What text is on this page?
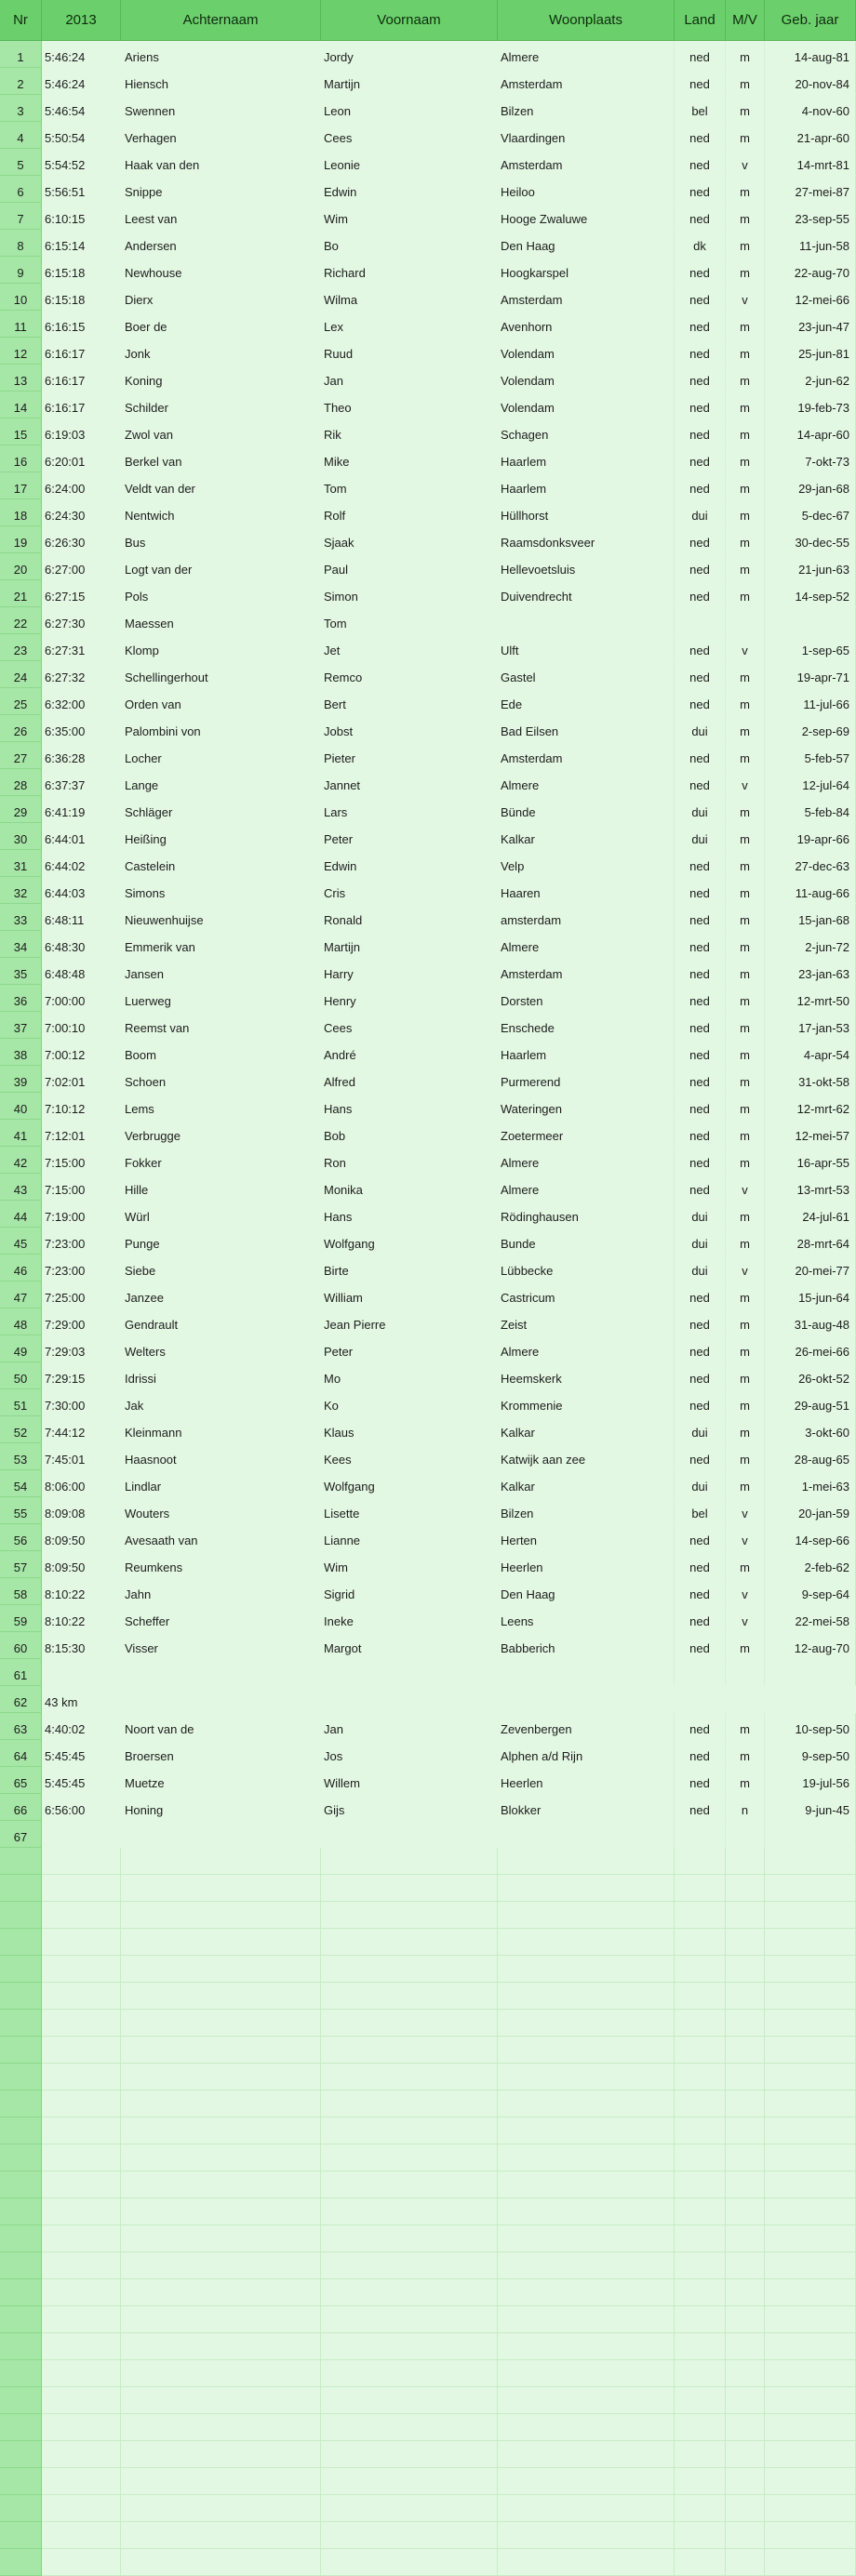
Nr	2013	Achternaam	Voornaam	Woonplaats	Land	M/V	Geb. jaar
1	5:46:24	Ariens	Jordy	Almere	ned	m	14-aug-81
2	5:46:24	Hiensch	Martijn	Amsterdam	ned	m	20-nov-84
3	5:46:54	Swennen	Leon	Bilzen	bel	m	4-nov-60
4	5:50:54	Verhagen	Cees	Vlaardingen	ned	m	21-apr-60
5	5:54:52	Haak van den	Leonie	Amsterdam	ned	v	14-mrt-81
6	5:56:51	Snippe	Edwin	Heiloo	ned	m	27-mei-87
7	6:10:15	Leest van	Wim	Hooge Zwaluwe	ned	m	23-sep-55
8	6:15:14	Andersen	Bo	Den Haag	dk	m	11-jun-58
9	6:15:18	Newhouse	Richard	Hoogkarspel	ned	m	22-aug-70
10	6:15:18	Dierx	Wilma	Amsterdam	ned	v	12-mei-66
11	6:16:15	Boer de	Lex	Avenhorn	ned	m	23-jun-47
12	6:16:17	Jonk	Ruud	Volendam	ned	m	25-jun-81
13	6:16:17	Koning	Jan	Volendam	ned	m	2-jun-62
14	6:16:17	Schilder	Theo	Volendam	ned	m	19-feb-73
15	6:19:03	Zwol van	Rik	Schagen	ned	m	14-apr-60
16	6:20:01	Berkel van	Mike	Haarlem	ned	m	7-okt-73
17	6:24:00	Veldt van der	Tom	Haarlem	ned	m	29-jan-68
18	6:24:30	Nentwich	Rolf	Hüllhorst	dui	m	5-dec-67
19	6:26:30	Bus	Sjaak	Raamsdonksveer	ned	m	30-dec-55
20	6:27:00	Logt van der	Paul	Hellevoetsluis	ned	m	21-jun-63
21	6:27:15	Pols	Simon	Duivendrecht	ned	m	14-sep-52
22	6:27:30	Maessen	Tom
23	6:27:31	Klomp	Jet	Ulft	ned	v	1-sep-65
24	6:27:32	Schellingerhout	Remco	Gastel	ned	m	19-apr-71
25	6:32:00	Orden van	Bert	Ede	ned	m	11-jul-66
26	6:35:00	Palombini von	Jobst	Bad Eilsen	dui	m	2-sep-69
27	6:36:28	Locher	Pieter	Amsterdam	ned	m	5-feb-57
28	6:37:37	Lange	Jannet	Almere	ned	v	12-jul-64
29	6:41:19	Schläger	Lars	Bünde	dui	m	5-feb-84
30	6:44:01	Heißing	Peter	Kalkar	dui	m	19-apr-66
31	6:44:02	Castelein	Edwin	Velp	ned	m	27-dec-63
32	6:44:03	Simons	Cris	Haaren	ned	m	11-aug-66
33	6:48:11	Nieuwenhuijse	Ronald	amsterdam	ned	m	15-jan-68
34	6:48:30	Emmerik van	Martijn	Almere	ned	m	2-jun-72
35	6:48:48	Jansen	Harry	Amsterdam	ned	m	23-jan-63
36	7:00:00	Luerweg	Henry	Dorsten	ned	m	12-mrt-50
37	7:00:10	Reemst van	Cees	Enschede	ned	m	17-jan-53
38	7:00:12	Boom	André	Haarlem	ned	m	4-apr-54
39	7:02:01	Schoen	Alfred	Purmerend	ned	m	31-okt-58
40	7:10:12	Lems	Hans	Wateringen	ned	m	12-mrt-62
41	7:12:01	Verbrugge	Bob	Zoetermeer	ned	m	12-mei-57
42	7:15:00	Fokker	Ron	Almere	ned	m	16-apr-55
43	7:15:00	Hille	Monika	Almere	ned	v	13-mrt-53
44	7:19:00	Würl	Hans	Rödinghausen	dui	m	24-jul-61
45	7:23:00	Punge	Wolfgang	Bunde	dui	m	28-mrt-64
46	7:23:00	Siebe	Birte	Lübbecke	dui	v	20-mei-77
47	7:25:00	Janzee	William	Castricum	ned	m	15-jun-64
48	7:29:00	Gendrault	Jean Pierre	Zeist	ned	m	31-aug-48
49	7:29:03	Welters	Peter	Almere	ned	m	26-mei-66
50	7:29:15	Idrissi	Mo	Heemskerk	ned	m	26-okt-52
51	7:30:00	Jak	Ko	Krommenie	ned	m	29-aug-51
52	7:44:12	Kleinmann	Klaus	Kalkar	dui	m	3-okt-60
53	7:45:01	Haasnoot	Kees	Katwijk aan zee	ned	m	28-aug-65
54	8:06:00	Lindlar	Wolfgang	Kalkar	dui	m	1-mei-63
55	8:09:08	Wouters	Lisette	Bilzen	bel	v	20-jan-59
56	8:09:50	Avesaath van	Lianne	Herten	ned	v	14-sep-66
57	8:09:50	Reumkens	Wim	Heerlen	ned	m	2-feb-62
58	8:10:22	Jahn	Sigrid	Den Haag	ned	v	9-sep-64
59	8:10:22	Scheffer	Ineke	Leens	ned	v	22-mei-58
60	8:15:30	Visser	Margot	Babberich	ned	m	12-aug-70
61
62	43 km
63	4:40:02	Noort van de	Jan	Zevenbergen	ned	m	10-sep-50
64	5:45:45	Broersen	Jos	Alphen a/d Rijn	ned	m	9-sep-50
65	5:45:45	Muetze	Willem	Heerlen	ned	m	19-jul-56
66	6:56:00	Honing	Gijs	Blokker	ned	n	9-jun-45
67
